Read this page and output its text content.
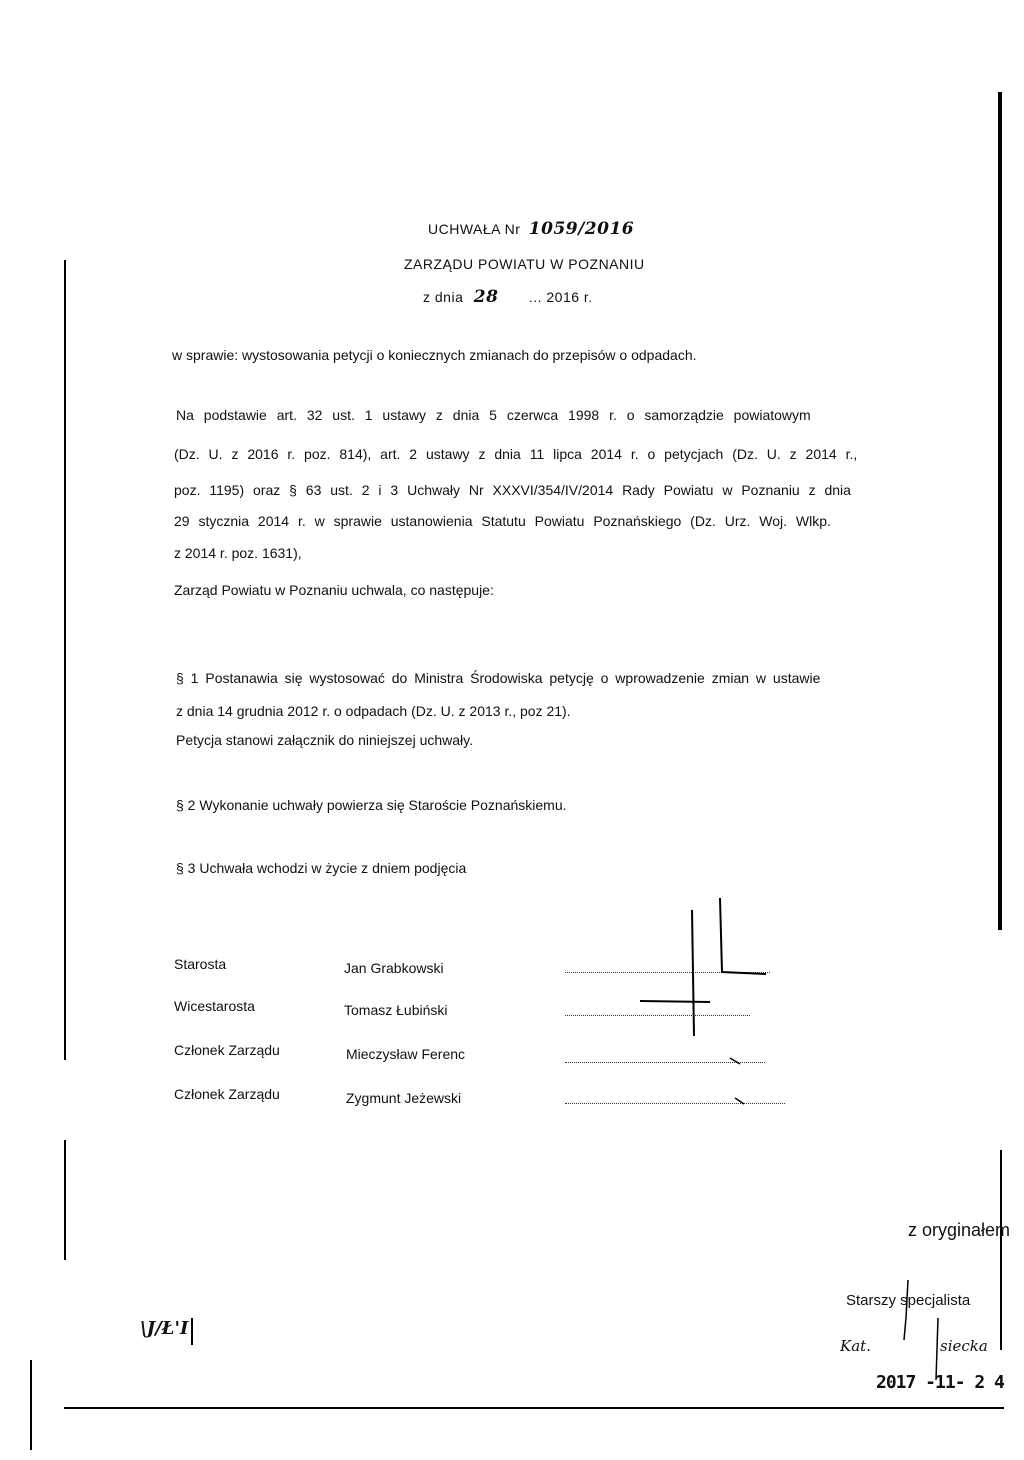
UCHWAŁA Nr 1059/2016
ZARZĄDU POWIATU W POZNANIU
z dnia 28 ... 2016 r.
w sprawie: wystosowania petycji o koniecznych zmianach do przepisów o odpadach.
Na podstawie art. 32 ust. 1 ustawy z dnia 5 czerwca 1998 r. o samorządzie powiatowym
(Dz. U. z 2016 r. poz. 814), art. 2 ustawy z dnia 11 lipca 2014 r. o petycjach (Dz. U. z 2014 r.,
poz. 1195) oraz § 63 ust. 2 i 3 Uchwały Nr XXXVI/354/IV/2014 Rady Powiatu w Poznaniu z dnia
29 stycznia 2014 r. w sprawie ustanowienia Statutu Powiatu Poznańskiego (Dz. Urz. Woj. Wlkp.
z 2014 r. poz. 1631),
Zarząd Powiatu w Poznaniu uchwala, co następuje:
§ 1 Postanawia się wystosować do Ministra Środowiska petycję o wprowadzenie zmian w ustawie
z dnia 14 grudnia 2012 r. o odpadach (Dz. U. z 2013 r., poz 21).
Petycja stanowi załącznik do niniejszej uchwały.
§ 2 Wykonanie uchwały powierza się Staroście Poznańskiemu.
§ 3 Uchwała wchodzi w życie z dniem podjęcia
Starosta	Jan Grabkowski
Wicestarosta	Tomasz Łubiński
Członek Zarządu	Mieczysław Ferenc
Członek Zarządu	Zygmunt Jeżewski
z oryginałem
Starszy specjalista
Kat.	siecka
2017 -11- 2 4
\J/Ł'I
